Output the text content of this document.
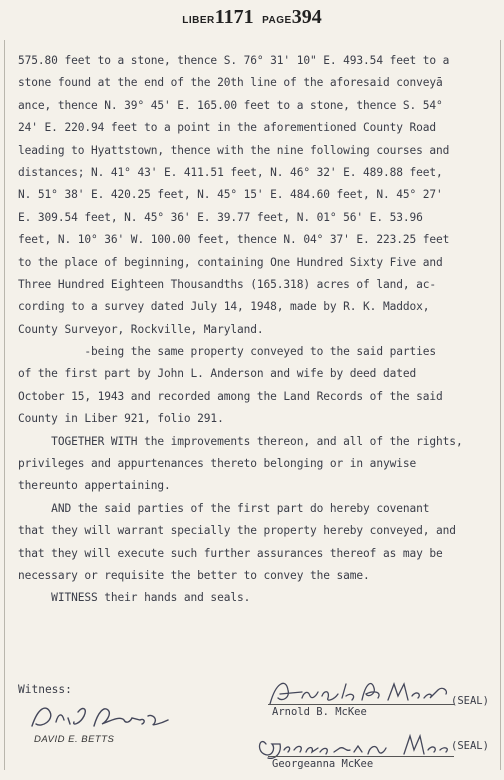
LIBER1171 PAGE394
575.80 feet to a stone, thence S. 76° 31' 10" E. 493.54 feet to a
stone found at the end of the 20th line of the aforesaid conveyā
ance, thence N. 39° 45' E. 165.00 feet to a stone, thence S. 54°
24' E. 220.94 feet to a point in the aforementioned County Road
leading to Hyattstown, thence with the nine following courses and
distances; N. 41° 43' E. 411.51 feet, N. 46° 32' E. 489.88 feet,
N. 51° 38' E. 420.25 feet, N. 45° 15' E. 484.60 feet, N. 45° 27'
E. 309.54 feet, N. 45° 36' E. 39.77 feet, N. 01° 56' E. 53.96
feet, N. 10° 36' W. 100.00 feet, thence N. 04° 37' E. 223.25 feet
to the place of beginning, containing One Hundred Sixty Five and
Three Hundred Eighteen Thousandths (165.318) acres of land, ac-
cording to a survey dated July 14, 1948, made by R. K. Maddox,
County Surveyor, Rockville, Maryland.
-being the same property conveyed to the said parties
of the first part by John L. Anderson and wife by deed dated
October 15, 1943 and recorded among the Land Records of the said
County in Liber 921, folio 291.
TOGETHER WITH the improvements thereon, and all of the rights,
privileges and appurtenances thereto belonging or in anywise
thereunto appertaining.
AND the said parties of the first part do hereby covenant
that they will warrant specially the property hereby conveyed, and
that they will execute such further assurances thereof as may be
necessary or requisite the better to convey the same.
WITNESS their hands and seals.
Witness:
DAVID E. BETTS
Arnold B. McKee
(SEAL)
Georgeanna McKee
(SEAL)
